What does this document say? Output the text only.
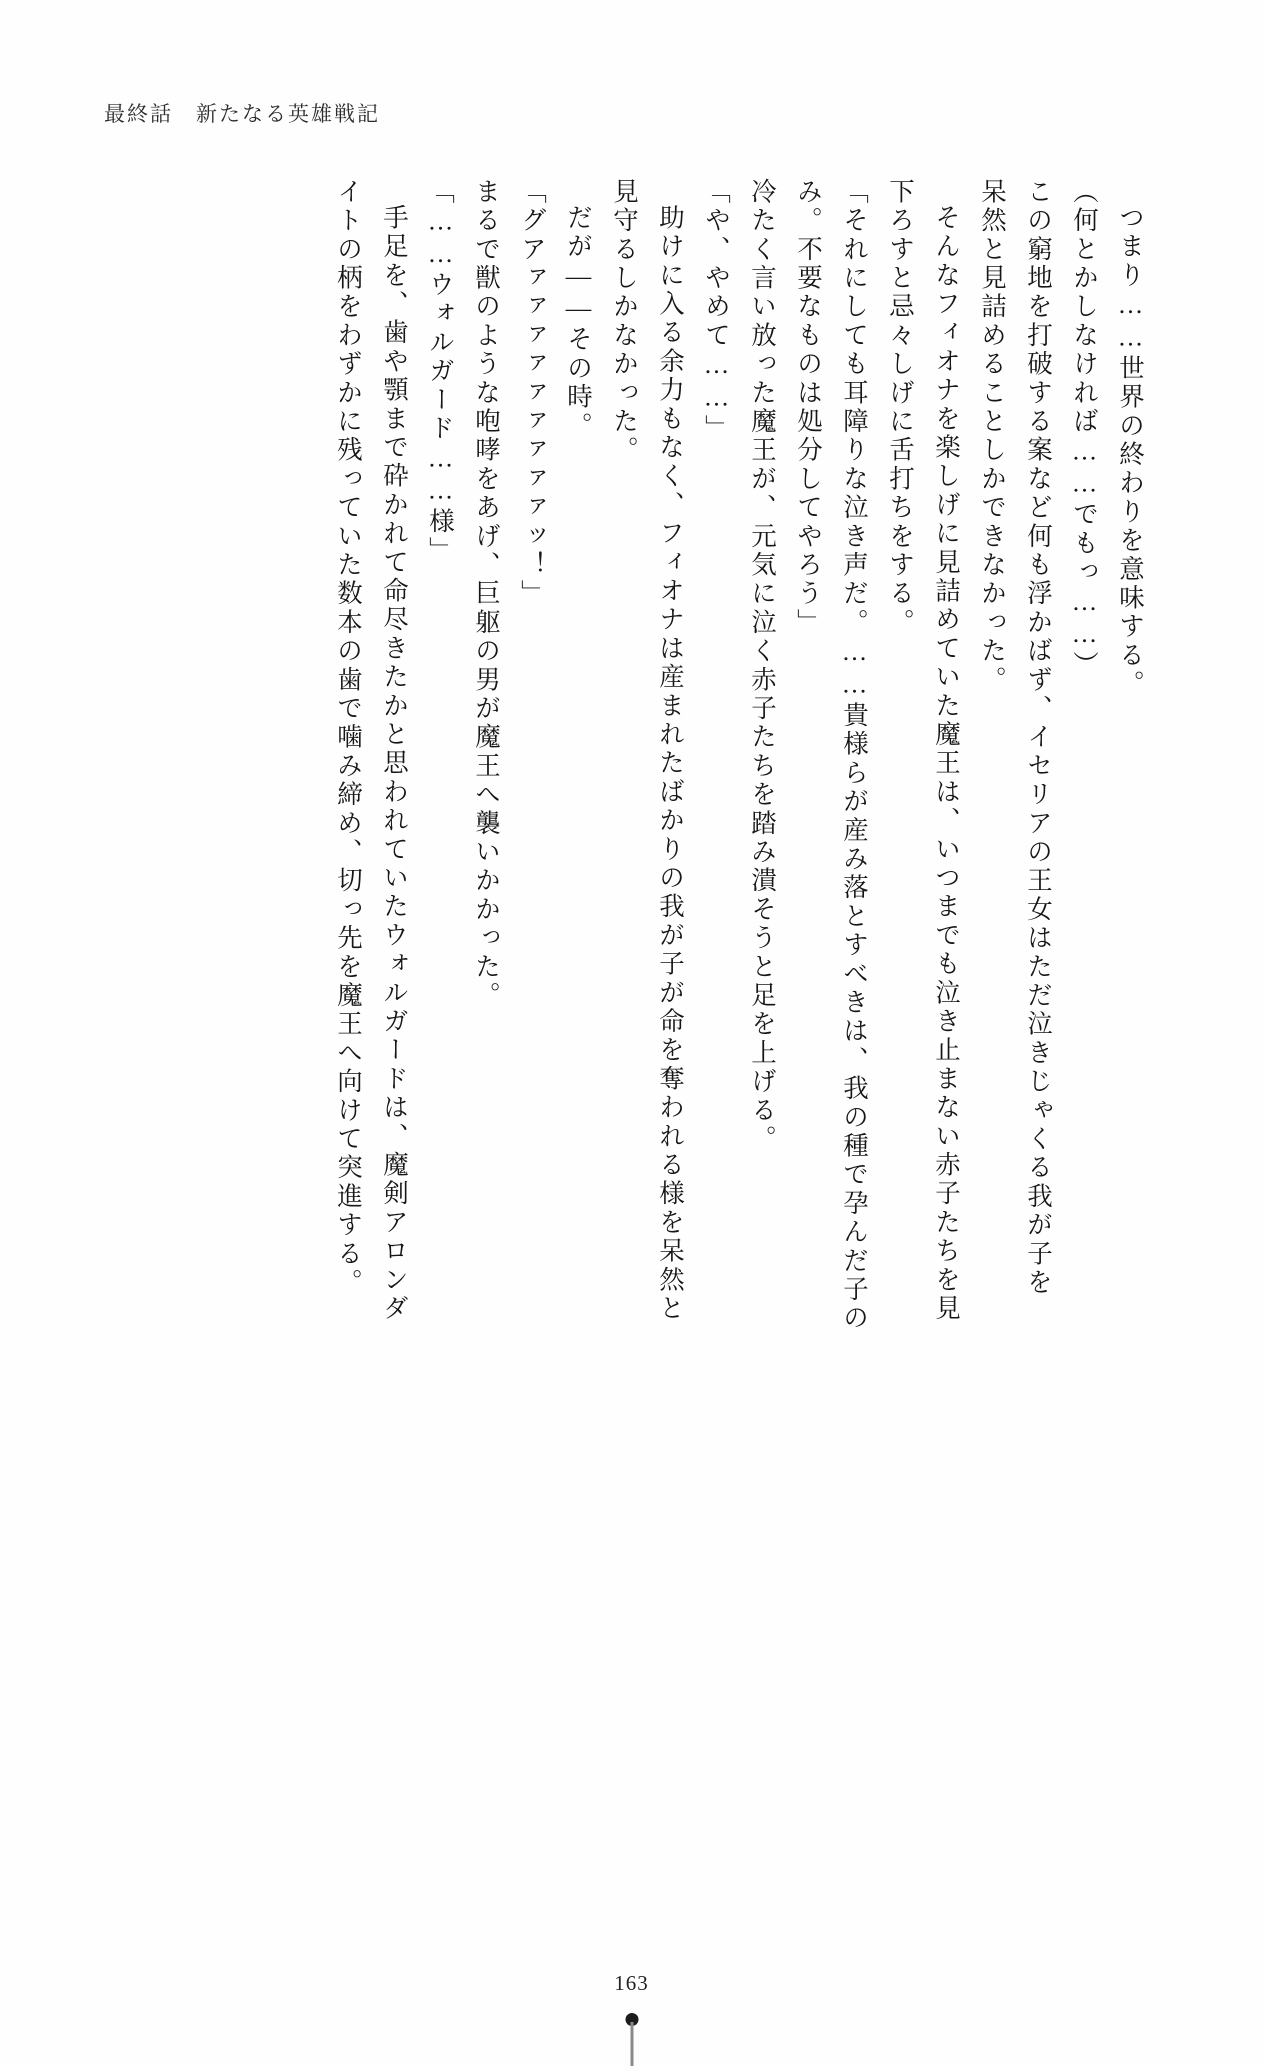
最終話　新たなる英雄戦記
つまり……世界の終わりを意味する。
（何とかしなければ……でもっ……）
この窮地を打破する案など何も浮かばず、イセリアの王女はただ泣きじゃくる我が子を
呆然と見詰めることしかできなかった。
そんなフィオナを楽しげに見詰めていた魔王は、いつまでも泣き止まない赤子たちを見
下ろすと忌々しげに舌打ちをする。
「それにしても耳障りな泣き声だ。……貴様らが産み落とすべきは、我の種で孕んだ子の
み。不要なものは処分してやろう」
冷たく言い放った魔王が、元気に泣く赤子たちを踏み潰そうと足を上げる。
「や、やめて……」
助けに入る余力もなく、フィオナは産まれたばかりの我が子が命を奪われる様を呆然と
見守るしかなかった。
だが――その時。
「グアァァァァァァァァァッ！」
まるで獣のような咆哮をあげ、巨躯の男が魔王へ襲いかかった。
「……ウォルガード……様」
手足を、歯や顎まで砕かれて命尽きたかと思われていたウォルガードは、魔剣アロンダ
イトの柄をわずかに残っていた数本の歯で噛み締め、切っ先を魔王へ向けて突進する。
163
